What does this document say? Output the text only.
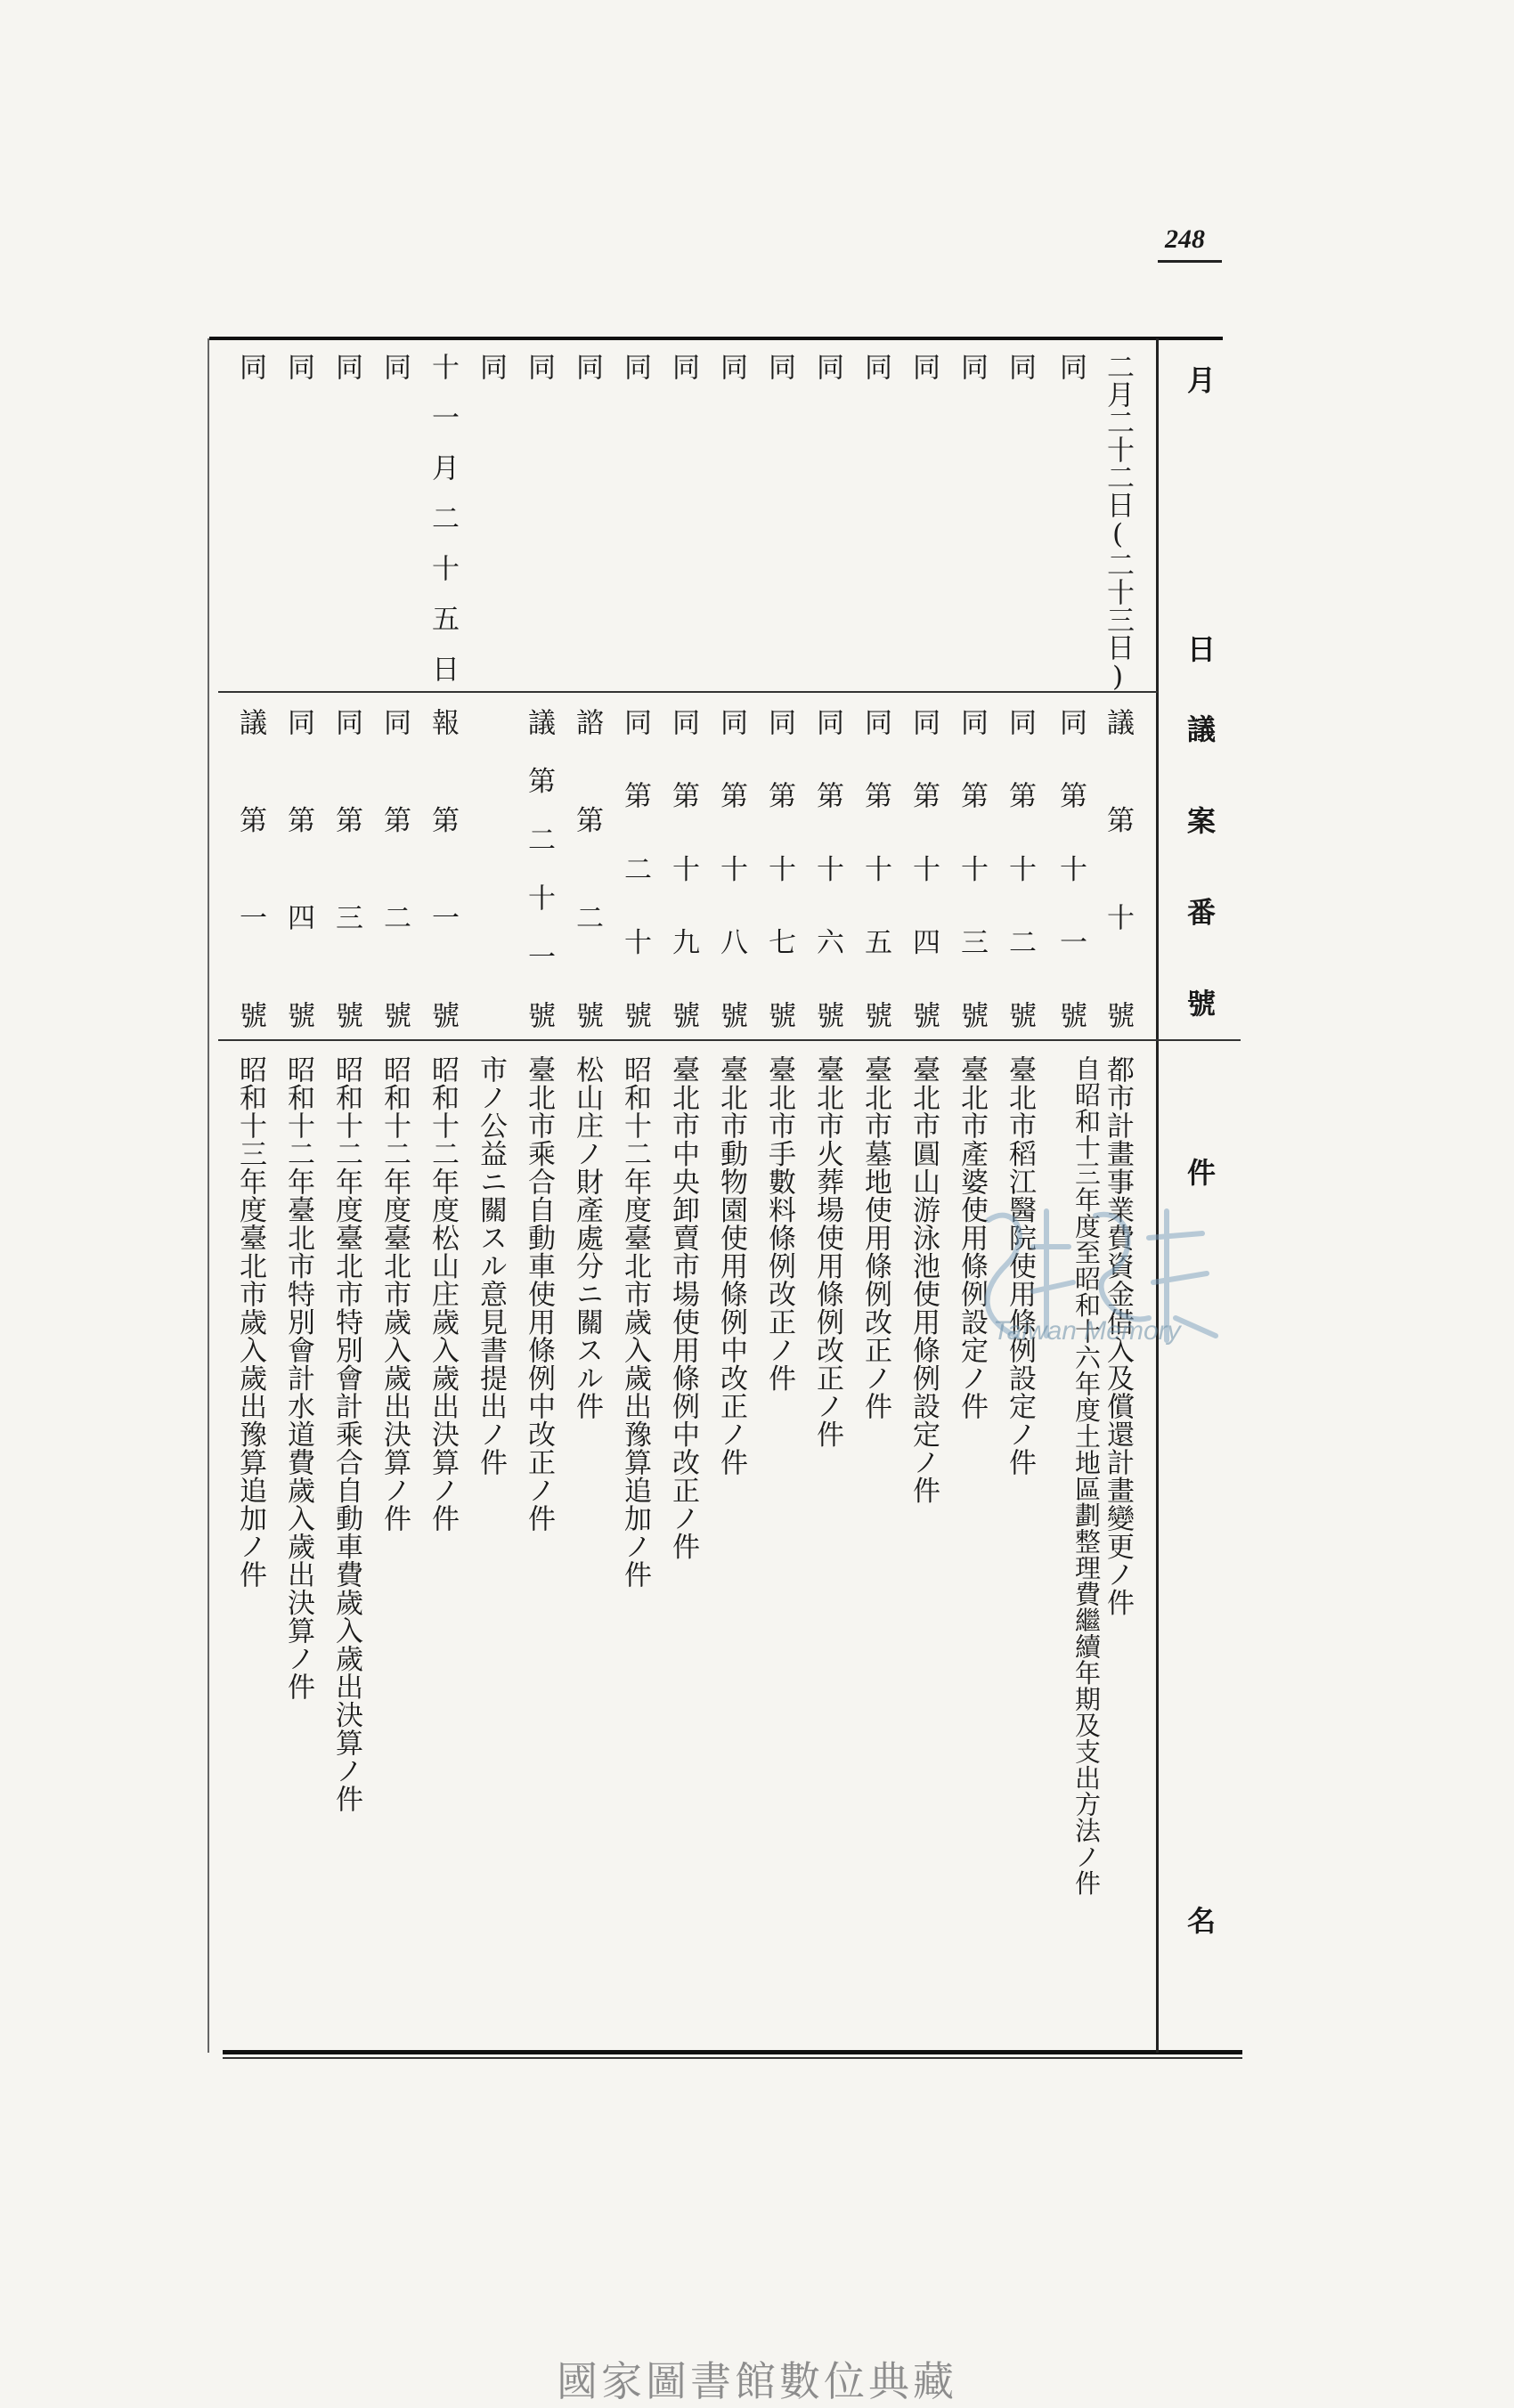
248
月
日
議案番號
件
名
二月二十二日(二十三日)
議第十號
都市計畫事業費資金借入及償還計畫變更ノ件
同
同第十一號
自昭和十三年度至昭和十六年度土地區劃整理費繼續年期及支出方法ノ件
同
同第十二號
臺北市稻江醫院使用條例設定ノ件
同
同第十三號
臺北市產婆使用條例設定ノ件
同
同第十四號
臺北市圓山游泳池使用條例設定ノ件
同
同第十五號
臺北市墓地使用條例改正ノ件
同
同第十六號
臺北市火葬場使用條例改正ノ件
同
同第十七號
臺北市手數料條例改正ノ件
同
同第十八號
臺北市動物園使用條例中改正ノ件
同
同第十九號
臺北市中央卸賣市場使用條例中改正ノ件
同
同第二十號
昭和十二年度臺北市歲入歲出豫算追加ノ件
同
諮第二號
松山庄ノ財產處分ニ關スル件
同
議第二十一號
臺北市乘合自動車使用條例中改正ノ件
同
市ノ公益ニ關スル意見書提出ノ件
十一月二十五日
報第一號
昭和十二年度松山庄歲入歲出決算ノ件
同
同第二號
昭和十二年度臺北市歲入歲出決算ノ件
同
同第三號
昭和十二年度臺北市特別會計乘合自動車費歲入歲出決算ノ件
同
同第四號
昭和十二年臺北市特別會計水道費歲入歲出決算ノ件
同
議第一號
昭和十三年度臺北市歲入歲出豫算追加ノ件	Taiwan Memory
國家圖書館數位典藏
